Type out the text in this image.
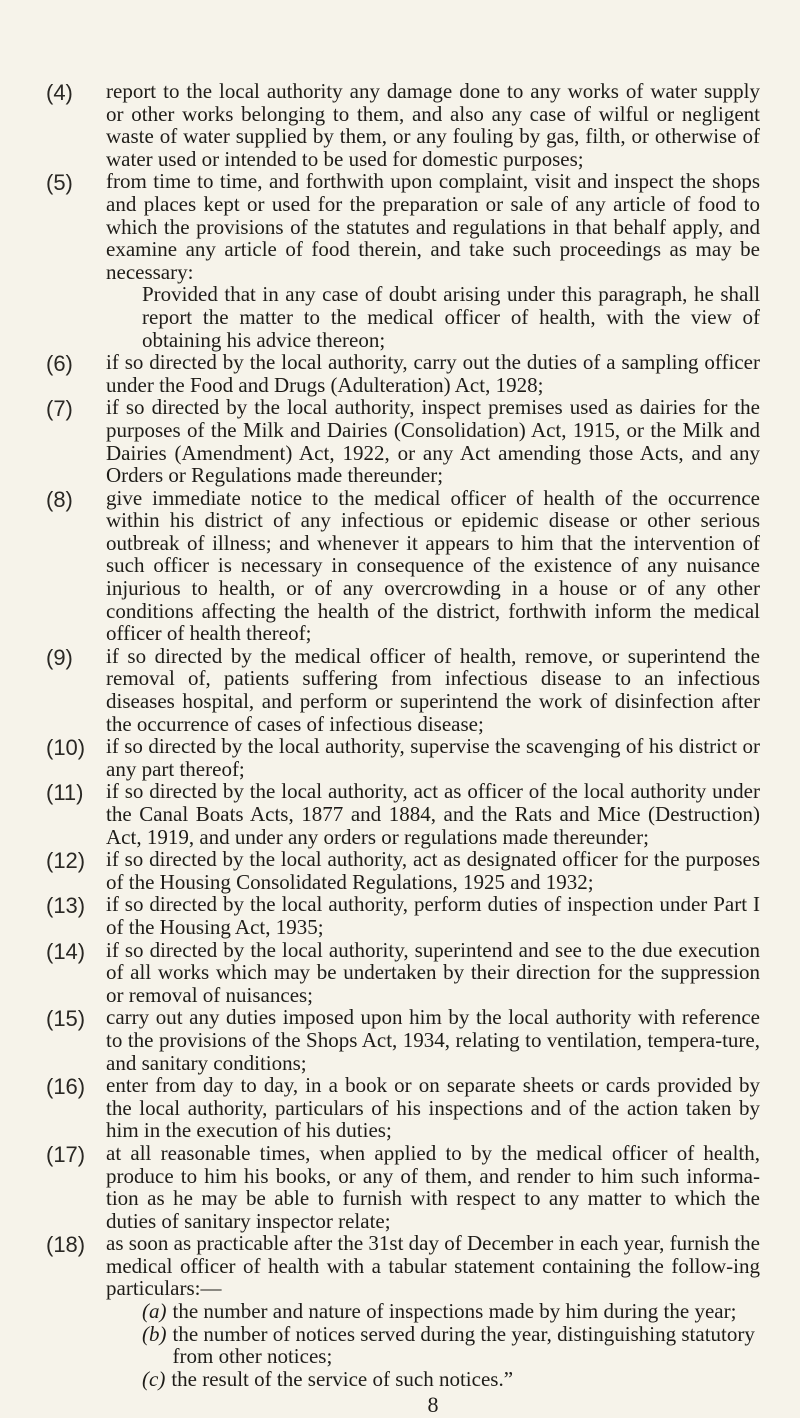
(4)	report to the local authority any damage done to any works of water supply or other works belonging to them, and also any case of wilful or negligent waste of water supplied by them, or any fouling by gas, filth, or otherwise of water used or intended to be used for domestic purposes;
(5)	from time to time, and forthwith upon complaint, visit and inspect the shops and places kept or used for the preparation or sale of any article of food to which the provisions of the statutes and regulations in that behalf apply, and examine any article of food therein, and take such proceedings as may be necessary:
Provided that in any case of doubt arising under this paragraph, he shall report the matter to the medical officer of health, with the view of obtaining his advice thereon;
(6)	if so directed by the local authority, carry out the duties of a sampling officer under the Food and Drugs (Adulteration) Act, 1928;
(7)	if so directed by the local authority, inspect premises used as dairies for the purposes of the Milk and Dairies (Consolidation) Act, 1915, or the Milk and Dairies (Amendment) Act, 1922, or any Act amending those Acts, and any Orders or Regulations made thereunder;
(8)	give immediate notice to the medical officer of health of the occurrence within his district of any infectious or epidemic disease or other serious outbreak of illness; and whenever it appears to him that the intervention of such officer is necessary in consequence of the existence of any nuisance injurious to health, or of any overcrowding in a house or of any other conditions affecting the health of the district, forthwith inform the medical officer of health thereof;
(9)	if so directed by the medical officer of health, remove, or superintend the removal of, patients suffering from infectious disease to an infectious diseases hospital, and perform or superintend the work of disinfection after the occurrence of cases of infectious disease;
(10) if so directed by the local authority, supervise the scavenging of his district or any part thereof;
(11)	if so directed by the local authority, act as officer of the local authority under the Canal Boats Acts, 1877 and 1884, and the Rats and Mice (Destruction) Act, 1919, and under any orders or regulations made thereunder;
(12) if so directed by the local authority, act as designated officer for the purposes of the Housing Consolidated Regulations, 1925 and 1932;
(13) if so directed by the local authority, perform duties of inspection under Part I of the Housing Act, 1935;
(14) if so directed by the local authority, superintend and see to the due execution of all works which may be undertaken by their direction for the suppression or removal of nuisances;
(15) carry out any duties imposed upon him by the local authority with reference to the provisions of the Shops Act, 1934, relating to ventilation, tempera-ture, and sanitary conditions;
(16) enter from day to day, in a book or on separate sheets or cards provided by the local authority, particulars of his inspections and of the action taken by him in the execution of his duties;
(17) at all reasonable times, when applied to by the medical officer of health, produce to him his books, or any of them, and render to him such informa-tion as he may be able to furnish with respect to any matter to which the duties of sanitary inspector relate;
(18) as soon as practicable after the 31st day of December in each year, furnish the medical officer of health with a tabular statement containing the follow-ing particulars:—
(a) the number and nature of inspections made by him during the year;
(b) the number of notices served during the year, distinguishing statutory from other notices;
(c) the result of the service of such notices.”
8
